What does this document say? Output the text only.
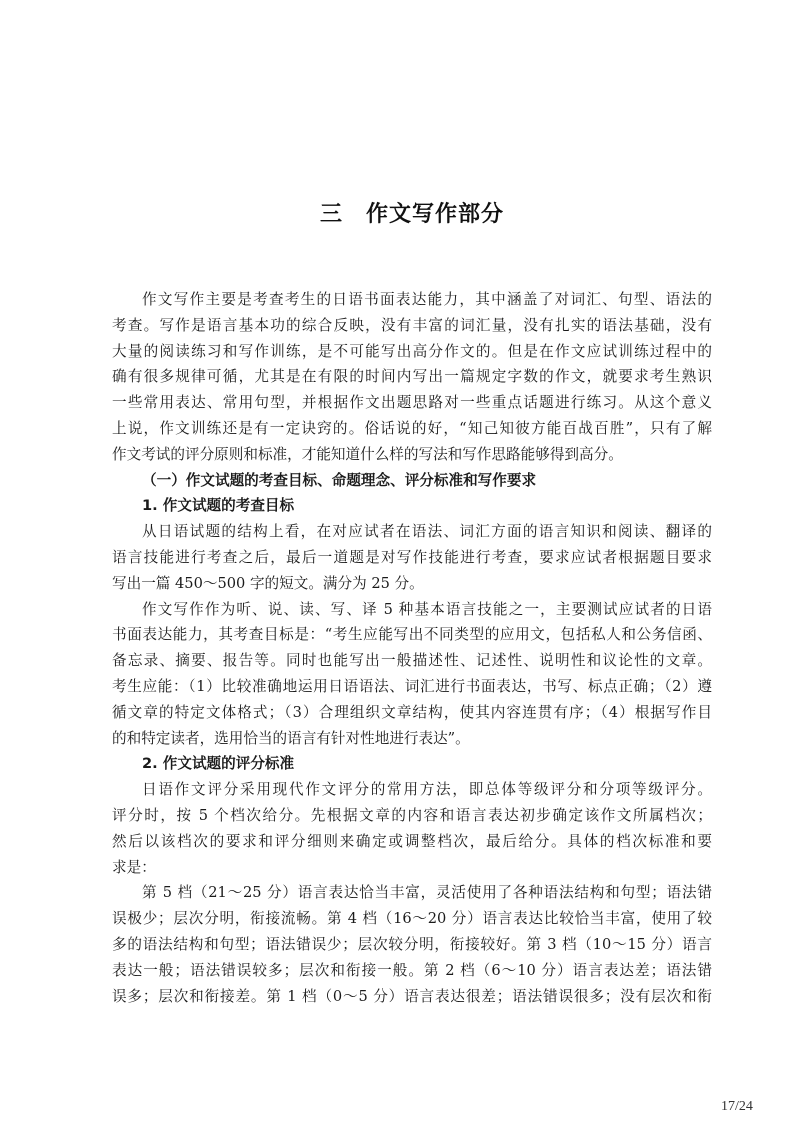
三　作文写作部分
作文写作主要是考查考生的日语书面表达能力，其中涵盖了对词汇、句型、语法的
考查。写作是语言基本功的综合反映，没有丰富的词汇量，没有扎实的语法基础，没有
大量的阅读练习和写作训练，是不可能写出高分作文的。但是在作文应试训练过程中的
确有很多规律可循，尤其是在有限的时间内写出一篇规定字数的作文，就要求考生熟识
一些常用表达、常用句型，并根据作文出题思路对一些重点话题进行练习。从这个意义
上说，作文训练还是有一定诀窍的。俗话说的好，“知己知彼方能百战百胜”，只有了解
作文考试的评分原则和标准，才能知道什么样的写法和写作思路能够得到高分。
（一）作文试题的考查目标、命题理念、评分标准和写作要求
1. 作文试题的考查目标
从日语试题的结构上看，在对应试者在语法、词汇方面的语言知识和阅读、翻译的
语言技能进行考查之后，最后一道题是对写作技能进行考查，要求应试者根据题目要求
写出一篇 450～500 字的短文。满分为 25 分。
作文写作作为听、说、读、写、译 5 种基本语言技能之一，主要测试应试者的日语
书面表达能力，其考查目标是：“考生应能写出不同类型的应用文，包括私人和公务信函、
备忘录、摘要、报告等。同时也能写出一般描述性、记述性、说明性和议论性的文章。
考生应能：（1）比较准确地运用日语语法、词汇进行书面表达，书写、标点正确；（2）遵
循文章的特定文体格式；（3）合理组织文章结构，使其内容连贯有序；（4）根据写作目
的和特定读者，选用恰当的语言有针对性地进行表达”。
2. 作文试题的评分标准
日语作文评分采用现代作文评分的常用方法，即总体等级评分和分项等级评分。
评分时，按 5 个档次给分。先根据文章的内容和语言表达初步确定该作文所属档次；
然后以该档次的要求和评分细则来确定或调整档次，最后给分。具体的档次标准和要
求是：
第 5 档（21～25 分）语言表达恰当丰富，灵活使用了各种语法结构和句型；语法错
误极少；层次分明，衔接流畅。第 4 档（16～20 分）语言表达比较恰当丰富，使用了较
多的语法结构和句型；语法错误少；层次较分明，衔接较好。第 3 档（10～15 分）语言
表达一般；语法错误较多；层次和衔接一般。第 2 档（6～10 分）语言表达差；语法错
误多；层次和衔接差。第 1 档（0～5 分）语言表达很差；语法错误很多；没有层次和衔
17/24
